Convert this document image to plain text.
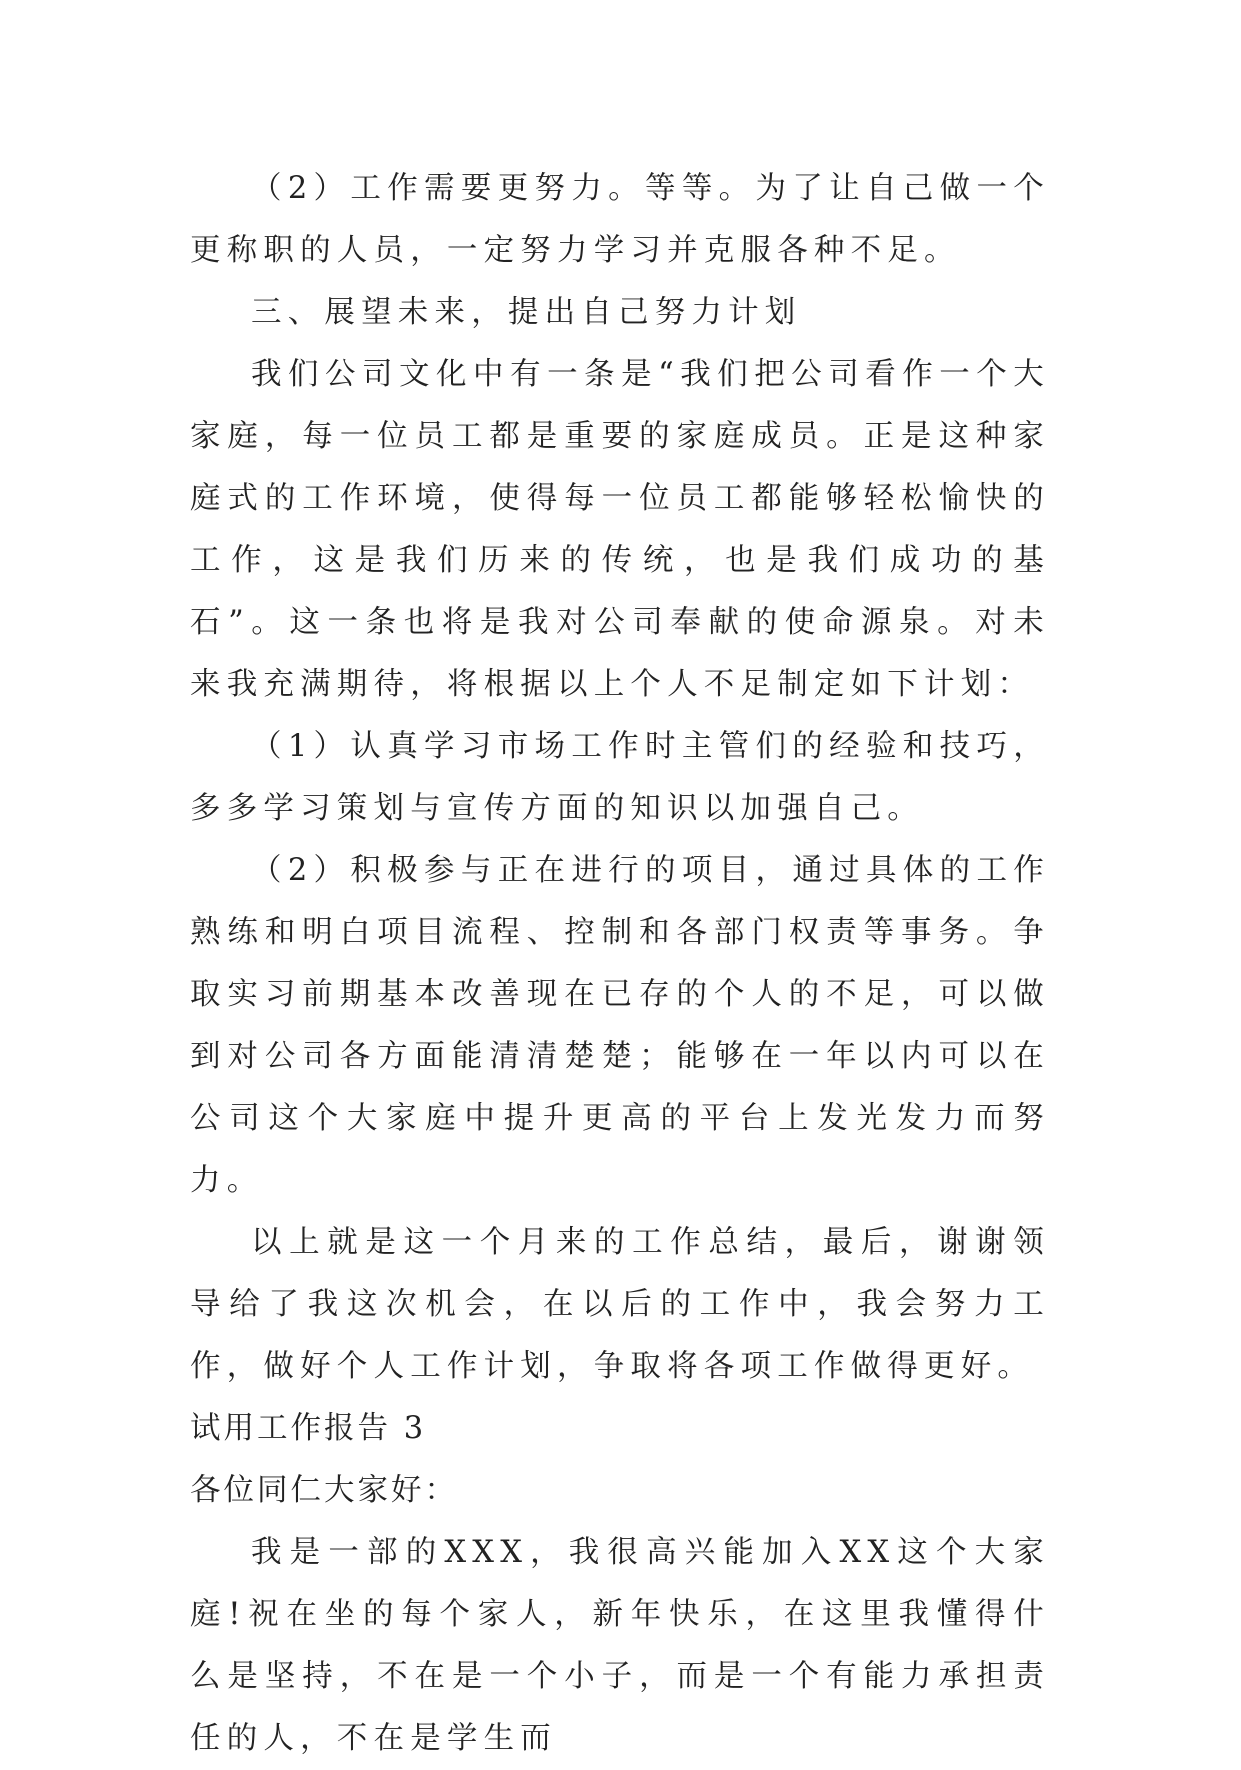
（2）工作需要更努力。等等。为了让自己做一个更称职的人员，一定努力学习并克服各种不足。

三、展望未来，提出自己努力计划

我们公司文化中有一条是“我们把公司看作一个大家庭，每一位员工都是重要的家庭成员。正是这种家庭式的工作环境，使得每一位员工都能够轻松愉快的工作，这是我们历来的传统，也是我们成功的基石”。这一条也将是我对公司奉献的使命源泉。对未来我充满期待，将根据以上个人不足制定如下计划：

（1）认真学习市场工作时主管们的经验和技巧，多多学习策划与宣传方面的知识以加强自己。

（2）积极参与正在进行的项目，通过具体的工作熟练和明白项目流程、控制和各部门权责等事务。争取实习前期基本改善现在已存的个人的不足，可以做到对公司各方面能清清楚楚；能够在一年以内可以在公司这个大家庭中提升更高的平台上发光发力而努力。

以上就是这一个月来的工作总结，最后，谢谢领导给了我这次机会，在以后的工作中，我会努力工作，做好个人工作计划，争取将各项工作做得更好。

试用工作报告 3

各位同仁大家好：

我是一部的XXX，我很高兴能加入XX这个大家庭!祝在坐的每个家人，新年快乐，在这里我懂得什么是坚持，不在是一个小子，而是一个有能力承担责任的人，不在是学生而
